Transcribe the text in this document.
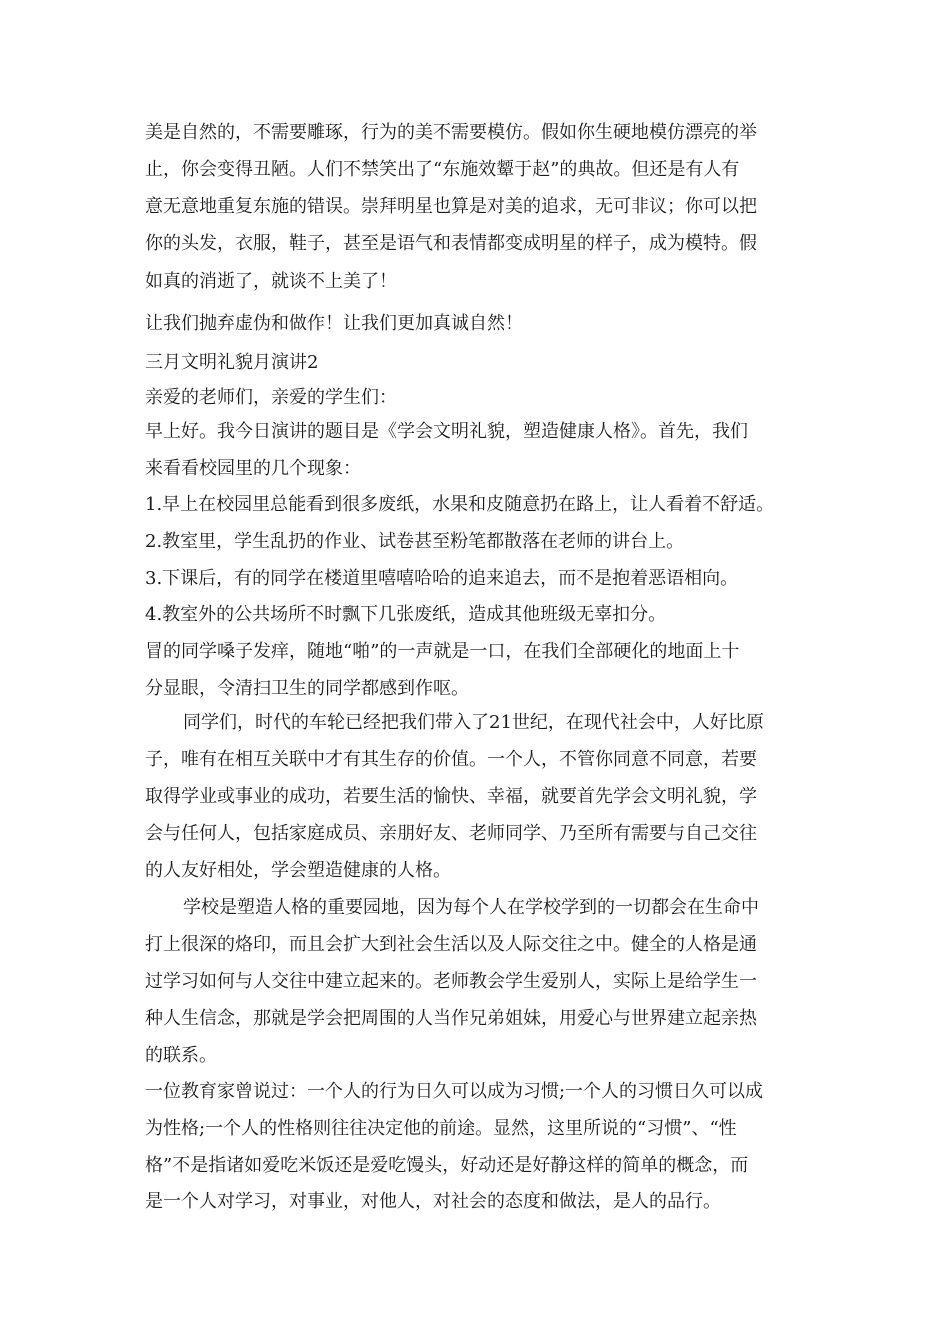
美是自然的，不需要雕琢，行为的美不需要模仿。假如你生硬地模仿漂亮的举

止，你会变得丑陋。人们不禁笑出了“东施效颦于赵”的典故。但还是有人有

意无意地重复东施的错误。崇拜明星也算是对美的追求，无可非议；你可以把

你的头发，衣服，鞋子，甚至是语气和表情都变成明星的样子，成为模特。假

如真的消逝了，就谈不上美了！

让我们抛弃虚伪和做作！让我们更加真诚自然！

三月文明礼貌月演讲2

亲爱的老师们，亲爱的学生们：

早上好。我今日演讲的题目是《学会文明礼貌，塑造健康人格》。首先，我们

来看看校园里的几个现象：

1.早上在校园里总能看到很多废纸，水果和皮随意扔在路上，让人看着不舒适。

2.教室里，学生乱扔的作业、试卷甚至粉笔都散落在老师的讲台上。

3.下课后，有的同学在楼道里嘻嘻哈哈的追来追去，而不是抱着恶语相向。

4.教室外的公共场所不时飘下几张废纸，造成其他班级无辜扣分。

冒的同学嗓子发痒，随地“啪”的一声就是一口，在我们全部硬化的地面上十

分显眼，令清扫卫生的同学都感到作呕。

同学们，时代的车轮已经把我们带入了21世纪，在现代社会中，人好比原

子，唯有在相互关联中才有其生存的价值。一个人，不管你同意不同意，若要

取得学业或事业的成功，若要生活的愉快、幸福，就要首先学会文明礼貌，学

会与任何人，包括家庭成员、亲朋好友、老师同学、乃至所有需要与自己交往

的人友好相处，学会塑造健康的人格。

学校是塑造人格的重要园地，因为每个人在学校学到的一切都会在生命中

打上很深的烙印，而且会扩大到社会生活以及人际交往之中。健全的人格是通

过学习如何与人交往中建立起来的。老师教会学生爱别人，实际上是给学生一

种人生信念，那就是学会把周围的人当作兄弟姐妹，用爱心与世界建立起亲热

的联系。

一位教育家曾说过：一个人的行为日久可以成为习惯;一个人的习惯日久可以成

为性格;一个人的性格则往往决定他的前途。显然，这里所说的“习惯”、“性

格”不是指诸如爱吃米饭还是爱吃馒头，好动还是好静这样的简单的概念，而

是一个人对学习，对事业，对他人，对社会的态度和做法，是人的品行。
